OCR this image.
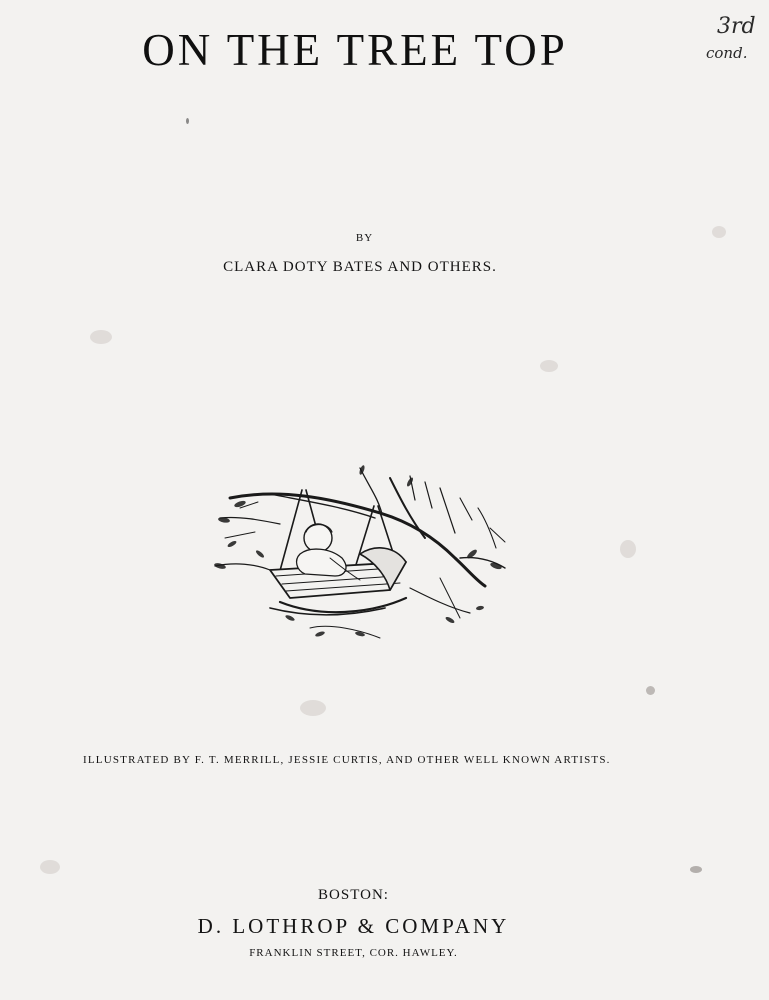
ON THE TREE TOP	3rd
cond.
BY
CLARA DOTY BATES AND OTHERS.
ILLUSTRATED BY F. T. MERRILL, JESSIE CURTIS, AND OTHER WELL KNOWN ARTISTS.
BOSTON:
D. LOTHROP & COMPANY
FRANKLIN STREET, COR. HAWLEY.
